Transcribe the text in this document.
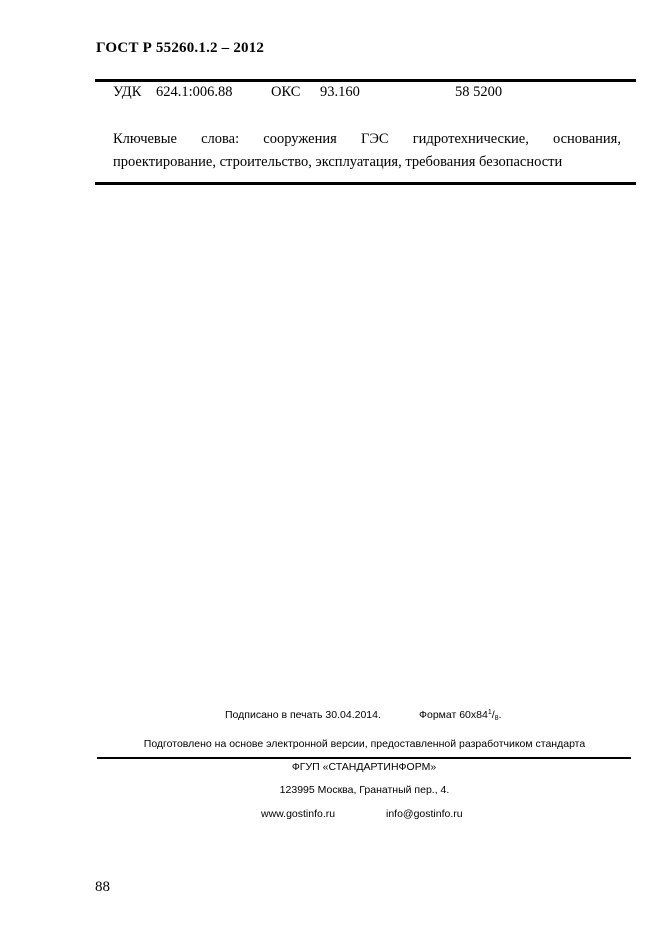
ГОСТ Р 55260.1.2 – 2012
УДК 624.1:006.88	ОКС 93.160	58 5200
Ключевые слова: сооружения ГЭС гидротехнические, основания,
проектирование, строительство, эксплуатация, требования безопасности
Подписано в печать 30.04.2014.	Формат $60х84^1/_8$.
Подготовлено на основе электронной версии, предоставленной разработчиком стандарта
ФГУП «СТАНДАРТИНФОРМ»
123995 Москва, Гранатный пер., 4.
www.gostinfo.ru	info@gostinfo.ru
88
